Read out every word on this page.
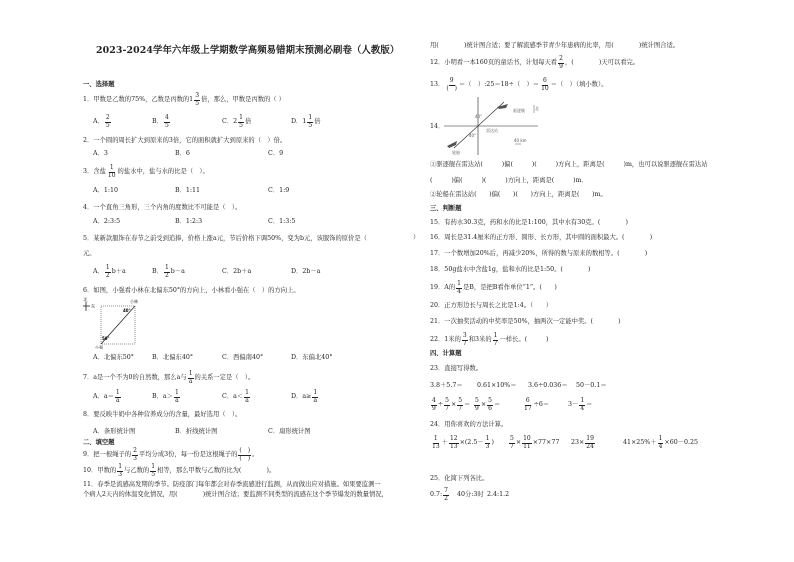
2023-2024学年六年级上学期数学高频易错期末预测必刷卷（人教版）
一、选择题
1．甲数是乙数的75%，乙数是丙数的 $1 \frac{3}{5}$ 倍，那么，甲数是丙数的（ ）
A． $\frac{2}{5}$	B． $\frac{4}{5}$	C． $2 \frac{1}{5}$ 倍	D． $1 \frac{1}{5}$ 倍
2．一个圆的周长扩大到原来的3倍，它的面积就扩大到原来的（　）倍。
A．3	B．6	C．9
3．含盐 $\frac{1}{10}$ 的盐水中，盐与水的比是（　）。
A．1:10	B．1:11	C．1:9
4．一个直角三角形，三个内角的度数比不可能是（　）。
A．2:3:5	B．1:2:3	C．1:3:5
5．某新款服饰在春节之前受到追捧，价格上涨a元，节后价格下调50%，变为b元，该服饰的原价是（
元。
A． $\frac{1}{2} b+a$	B． $\frac{1}{2} b-a$	C．2b＋a	D．2b－a
6．如图，小强看小林在北偏东50°的方向上，小林看小强在（　）的方向上。
A．北偏东50°	B．北偏东40°	C．西偏南40°	D．东偏北40°
7．a是一个不为0的自然数，那么a与 $\frac{1}{a}$ 的关系一定是（　）。
A．$a= \frac{1}{a}$	B．$a> \frac{1}{a}$	C．$a< \frac{1}{a}$	D．$a\ge \frac{1}{a}$
8．要反映牛奶中各种营养成分的含量，最好选用（　）。
A．条形统计图	B．折线统计图	C．扇形统计图
二、填空题
9．把一根绳子的 $\frac{2}{3}$ 平均分成3份，每一份是这根绳子的 $\frac{( )}{( )}$ 。
10．甲数的 $\frac{1}{3}$ 与乙数的 $\frac{1}{5}$ 相等，那么甲数与乙数的比为(　　　　)。
11．春季是流感高发期的季节。防疫部门每年都会对春季流感进行监测，从而做出应对措施。如果要监测一
个病人2天内的体温变化情况，用(　　　　)统计图合适；要监测不同类型的流感在这个季节爆发的数量情况，
）
用(　　　　)统计图合适；要了解流感季节青少年患病的比率，用(　　　　)统计图合适。
12．小明看一本160页的童话书，计划每天看 $\frac{2}{9}$ ，(　　　　)天可以看完。
13． $\frac{9}{( )}$ ＝（　）:25＝18÷（　）＝ $\frac{6}{10}$ ＝（　）（填小数）。
14．
①驱逐舰在雷达站(　　　)偏(　　　)(　　　)方向上，距离是(　　　)m，也可以说驱逐舰在雷达站
(　　　)偏(　　　)(　　　)方向上，距离是(　　　)m．
②轮船在雷达站(　　)偏(　　)(　　)方向上，距离是(　　)m。
三、判断题
15．有药水30.3克，药和水的比是1:100，其中水有30克。(　　　　)
16．周长是31.4厘米的正方形、圆形、长方形，其中圆的面积最大。(　　　　)
17．一个数增加20%后，再减少20%，所得的数与原来的数相等。(　　　　)
18．50g盐水中含盐1g，盐和水的比是1:50。(　　　　)
19．A的 $\frac{1}{4}$ 是B，是把B看作单位“1”。(　　)
20．正方形边长与周长之比是1:4。（　　）
21．一次抽奖活动的中奖率是50%，抽两次一定能中奖。(　　　　)
22．1米的 $\frac{3}{7}$ 和3米的 $\frac{1}{7}$ 一样长。(　　　)
四、计算题
23．直接写得数。
3.8＋5.7＝ 0.61×10%＝ 3.6÷0.036＝ 50－0.1＝
$\frac{4}{9} \div \frac{5}{7} \times \frac{5}{7} = \frac{5}{9} \times \frac{5}{6}$ ＝	$\frac{6}{17} \div 6=$	$3- \frac{1}{4}$ ＝
24．用你喜欢的方法计算。
$\frac{1}{13} + \frac{12}{13} \times(2.5- \frac{1}{3}$ )	$\frac{5}{7} \times \frac{10}{11} \times 77\times 77$ $23\times \frac{19}{24}$	$41\times 25\%+ \frac{1}{4} \times 60-0.25$
25．化简下列各比。
0.7: $\frac{7}{2} 40$分:3时 2.4:1.2
北
东
小林
40°
50°
小强
驱逐舰	北
40°
雷达站
40°
40 km
轮船
